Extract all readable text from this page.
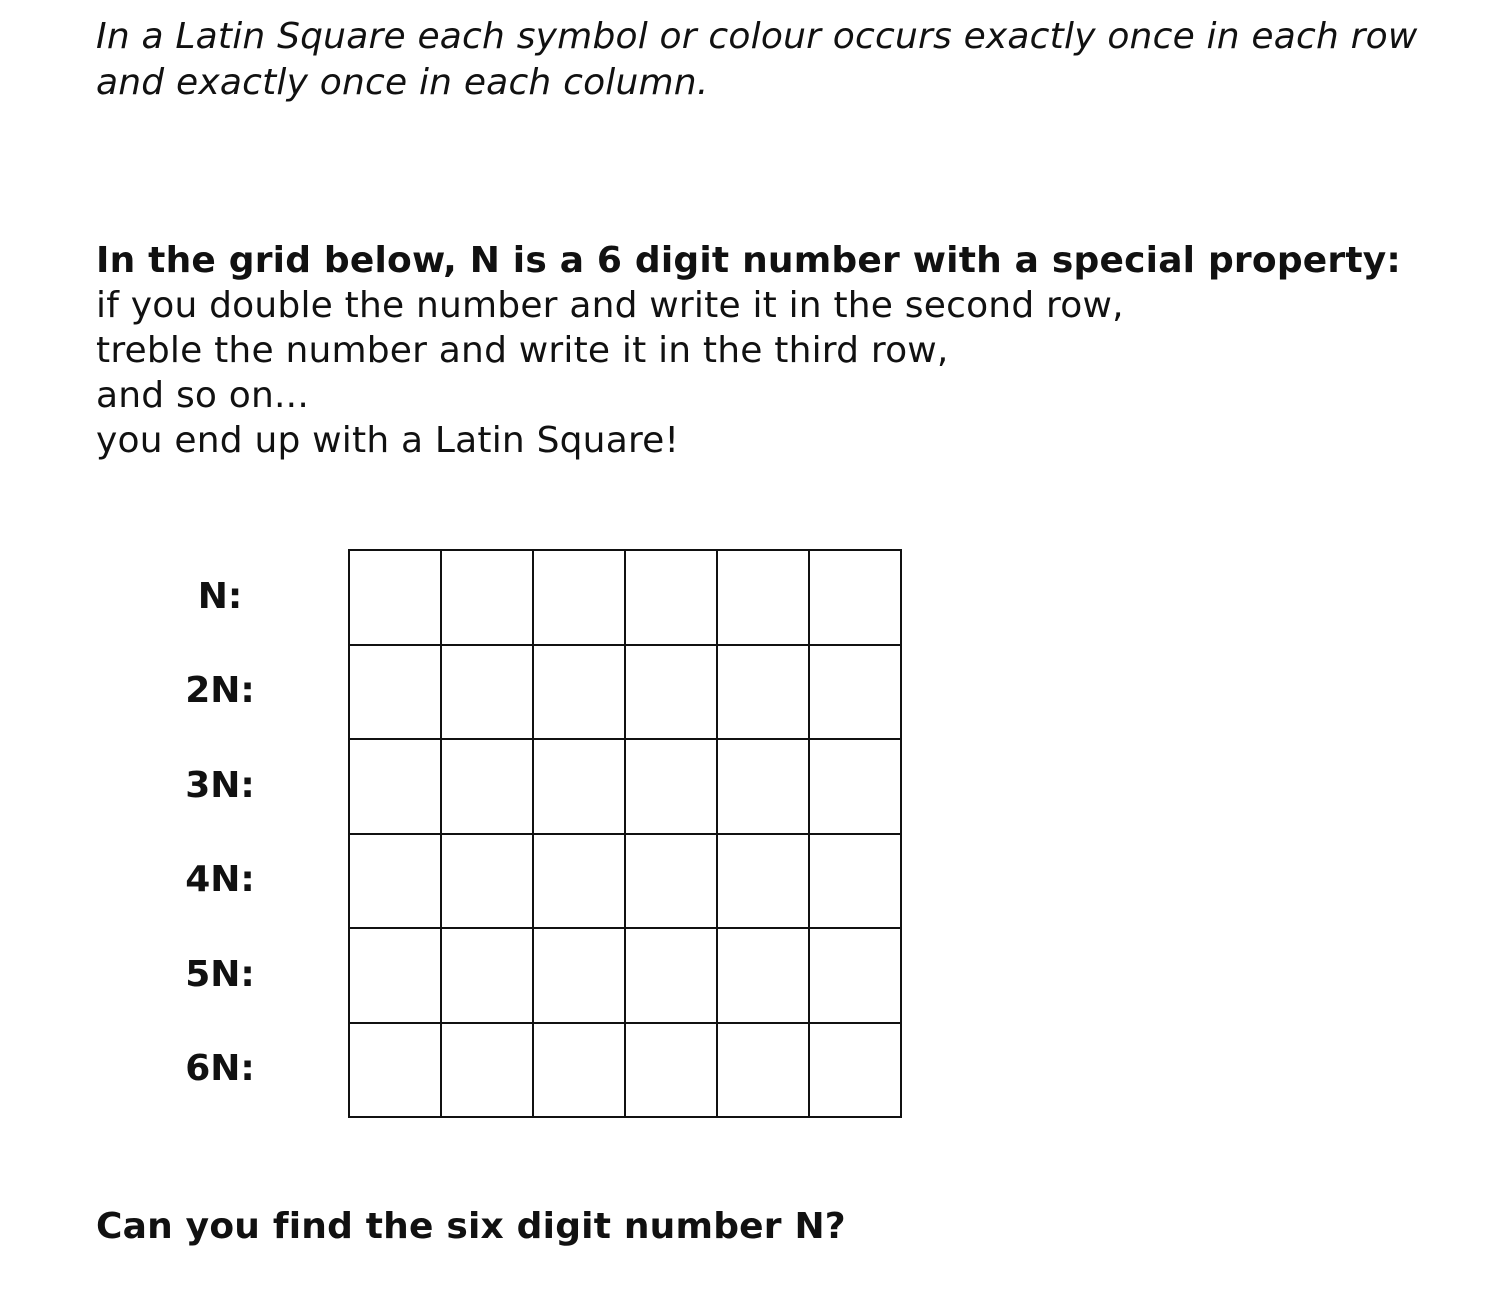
In a Latin Square each symbol or colour occurs exactly once in each row
and exactly once in each column.
In the grid below, N is a 6 digit number with a special property:
if you double the number and write it in the second row,
treble the number and write it in the third row,
and so on...
you end up with a Latin Square!
N:
2N:
3N:
4N:
5N:
6N:

Can you find the six digit number N?
